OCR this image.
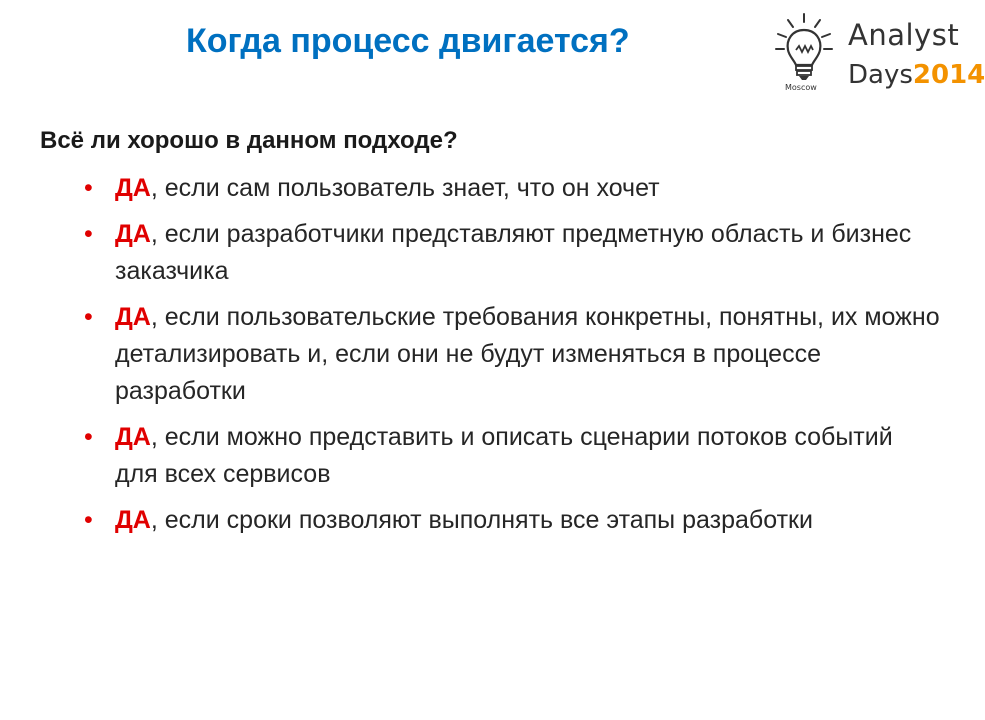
Когда процесс двигается?
Moscow
Analyst
Days2014
Всё ли хорошо в данном подходе?
• ДА, если сам пользователь знает, что он хочет
• ДА, если разработчики представляют предметную область и бизнес заказчика
• ДА, если пользовательские требования конкретны, понятны, их можно детализировать и, если они не будут изменяться в процессе разработки
• ДА, если можно представить и описать сценарии потоков событий для всех сервисов
• ДА, если сроки позволяют выполнять все этапы разработки
